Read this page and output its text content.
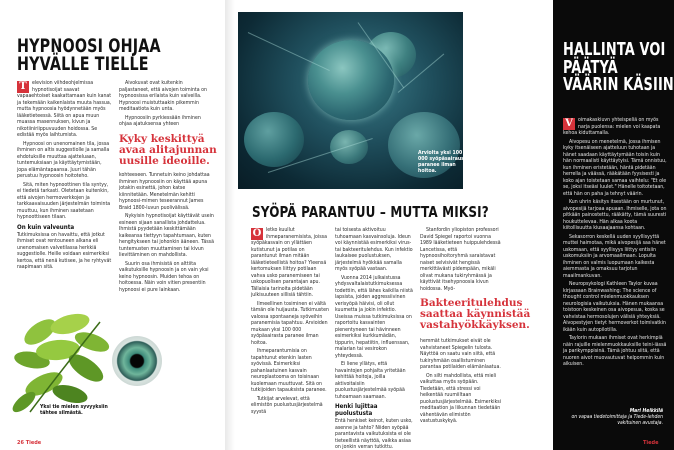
HYPNOOSI OHJAA HYVÄLLE TIELLE

T	elevision viihdeohjelmissa hypnotisoijat saavat vapaaehtoiset kaakattamaan kuin kanat ja tekemään kaikenlaista muuta hassua, mutta hypnoosia hyödynnetään myös lääketieteessä. Siitä on apua muun muassa masennuksen, kivun ja nikotiiniriippuvuuden hoidossa. Se edistää myös laihtumista.

Hypnoosi on unenomainen tila, jossa ihminen on altis suggestiolle ja samalla ehdotuksille muuttaa ajatteluaan, tuntemuksiaan ja käyttäytymistään, jopa elämäntapaansa. Juuri tähän perustuu hypnoosin hoitoteho.

Sitä, miten hypnoottinen tila syntyy, ei tiedetä tarkasti. Oletetaan kuitenkin, että aivojen hermoverkkojen ja tarkkaavaisuuden järjestelmän toiminta muuttuu, kun ihminen saatetaan hypnoottiseen tilaan.

On kuin valveunta

Tutkimuksissa on havaittu, että jotkut ihmiset ovat rentouneen alkana eli unenomaisen valvetilassa herkkiä suggestiolle. Heille voidaan esimerkiksi kertoa, että nenä kutisee, ja he ryhtyvät raapimaan sitä.

Aivokuvat ovat kuitenkin paljastaneet, että aivojen toiminta on hypnoosissa erilaista kuin valveilla. Hypnoosi muistuttaakin pikemmin meditaatiota kuin unta.

Hypnoosiin pyrkiessään ihminen ohjaa ajatuksensa yhteen

Kyky keskittyä avaa alitajunnan uusille ideoille.

kohteeseen. Tunnetuin keino johdattaa ihminen hypnoosiin on käyttää apuna jotakin esinettä, johon katse kiinnitetään. Menetelmän kehitti hypnoosi-mimen teseerannut James Braid 1800-luvun puolivälissä.

Nykyisin hypnotisoijat käyttävät usein esineen sijaan sanallista johdattelua. Ihmistä pyydetään keskittämään kaikeansa tiettyyn tapahtumaan, kuten hengitykseen tai johonkin ääneen. Tässä tuntemusten muuttaminen tai kivun lievittäminen on mahdollista.

Suurin osa ihmisistä on alttiita vaikutuksille hypnoosin ja on vain yksi keino hypnoosin. Muiden tehoa on hoitoessa. Näin voin vitien presentiin hypnoosi ei pure lainkaan.

Yksi tie mielen syvyyksiin tähtee silmästä.
26 Tiede
Arviolta yksi 100 000 syöpäsairausta paranee ilman hoitoa.
SYÖPÄ PARANTUU – MUTTA MIKSI?

O letko kuullut ihmeparanemisista, joissa syöpäkasvain on yllättäen kutistunut ja potilas on parantunut ilman mitään lääketieteellistä hoitoa? Yleensä kertomuksen liittyy potilaan vahva usko paranemiseen tai uskopuolisen parantajan apu. Tällaisia tarinoita pidetään julkisuuteen sillisiä tähtiin.

Ilmeellinen tosiminen ei vältä tämän ole huijausta. Tutkimusten valossa spontaaneja syöveihin paranemisia tapahtuu. Arvioiden mukaan yksi 100 000 syöpäsairasta paranee ilman hoitoa.

Ihmeparantumisia on tapahtunut etenkin lasten syövissä. Esimerkiksi pahanlaatuinen kasvain neuroplastooma on toisinaan kuolemaan muuttuvat. Sitä on tutkijoiden tapauksista paranee.

Tutkijat arvelevat, että elimistön puolustusjärjestelmä syystä

tai toisesta aktivoituu tuhoamaan kasvainsoluja. Ideun voi käynnistää esimerkiksi virus- tai bakteeritulehdus. Kun infektio laukaisee puolustuksen, järjestelmä hyökkää samalla myös syöpää vastaan.

Vuonna 2014 julkaistussa yhdysvaltalaistutkimuksessa todettiin, että lähes kaikilla niistä lapsista, joiden aggressiivinen verisyöpä häivisi, oli ollut kuumetta ja jokin infektio. Useissa muissa tutkimuksissa on raportoitu kasvainten pienentyneen tai hävinneen esimerkiksi kurkkumädän, tippurin, hepatiitin, influenssan, malarian tai vesirokon yhteydessä.

Ei liene yllätys, että havaintojen pohjalta yritetään kehittää hoitoja, joilla aktivoitaisiin puolustusjärjestelmää syöpää tuhoamaan saamaan.

Henki lujittaa puolustusta

Entä henkiset keinot, kuten usko, asenne ja tahto? Niiden syöpää parantavista vaikutuksista ei ole tieteellistä näyttöä, vaikka asiaa on jonkin verran tutkittu.

Stanfordin yliopiston professori David Spiegel raportoi vuonna 1989 lääketieteen huippulehdessä Lancetissa, että hypnoosihoitoryhmä saraistavat naiset selvisivät hengissä merkittävästi pidempään, mikäli olivat mukana tukiryhmässä ja käyttivät itsehypnoosia kivun hoidossa. Myö-

Bakteeritulehdus saattaa käynnistää vastahyökkäyksen.

hemmät tutkimukset eivät ole vahvistaneet Spiegelin tulosta. Näyttöä on saatu vain siitä, että tukiryhmään osallistuminen parantaa potilaiden elämänlaatua.

On silti mahdollista, että mieli vaikuttaa myös syöpään. Tiedetään, että stressi voi heikentää ruumiiltaan puolustusjärjestelmää. Esimerkiksi meditaation ja liikunnan tiedetään vähentävän elimistön vastustuskykyä.

HALLINTA VOI PÄÄTYÄ VÄÄRIN KÄSIIN

V oimakaskiuvn yhteispeliä on myös narja puolensa: mielen voi kaapata kehoa kiduttamalla.

Aivopesu on menetelmä, jossa ihmisen kyky itsenäiseen ajatteluun tuhotaan ja hänet saadaan käyttäytymään toisin kuin hän normaalisti käyttäytyisi. Tämä onnistuu, kun ihminen eristetään, häntä pidetään herrella ja väässä, rääkätään fyysisesti ja koko ajan toistetaan samaa vaihtelu: "Et ole se, joksi itseäsi luulet." Hänelle toitotetaan, että hän on paha ja tehnyt väärin.

Kun uhrin käsitys itsestään on murtunut, aivopesijä tarjoaa apuaan. Ihmiselle, jota on pitkään painostettu, rääkätty, tämä suuresti houkuttelevaa. Hän alkaa koota kiitollisuutta kiusaajaansa kohtaan.

Sekasorron keskellä uuden syyllisyyttä muttei haimotaa, mikä aivopesijä saa hänet uskomaan, että syyllisyys liittyy entisiin uskomuksiin ja arvomaailmaan. Lopulta ihminen on valmis luopumaan kaikesta aiemmasta ja omaksuu tarjotun maailmankuvan.

Neuropsykologi Kathleen Taylor kuvaa kirjassaan Brainwashing: The science of thought control mielenmuokkauksen neurologisia vaikutuksia. Hänen mukaansa toistoon keskeinen osa aivopesua, koska se vahvistaa hermosolujen välisiä yhteyksiä. Aivopestyjen tietyt hermoverkot toimivatkin ikään kuin autopilotilla.

Taylorin mukaan ihmiset ovat herkimpiä näin rajuille mielenmuokkauksille teini-iässä ja parikymppisinä. Tämä johtuu siitä, että nuoren aivot muovautuvat helpommin kuin aikuisen.

Mari Heikkilä
on vapaa tiedetoimittaja ja Tiede-lehden vakituinen avustaja.
Tiede
